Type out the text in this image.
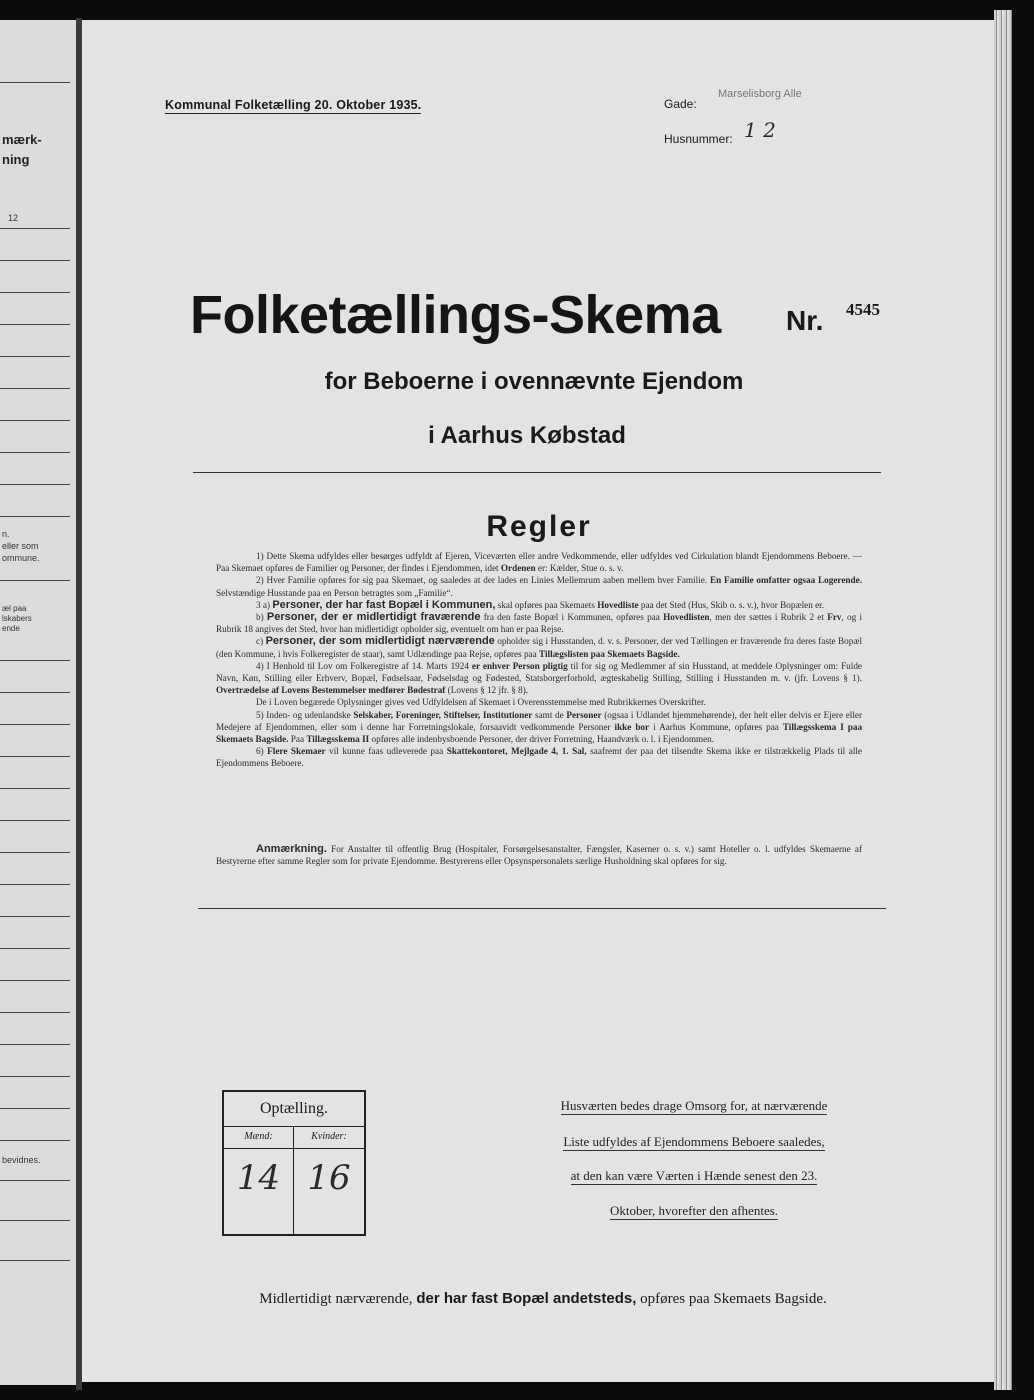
mærk-
ning
12
n.
eller som
ommune.
æl paa
lskabers
ende
bevidnes.
Kommunal Folketælling 20. Oktober 1935.	Gade:
Marselisborg Alle
Husnummer: 1 2
Folketællings-Skema Nr. 4545
for Beboerne i ovennævnte Ejendom
i Aarhus Købstad
Regler

1) Dette Skema udfyldes eller besørges udfyldt af Ejeren, Viceværten eller andre Vedkommende, eller udfyldes ved Cirkulation blandt Ejendommens Beboere. — Paa Skemaet opføres de Familier og Personer, der findes i Ejendommen, idet Ordenen er: Kælder, Stue o. s. v.

2) Hver Familie opføres for sig paa Skemaet, og saaledes at der lades en Linies Mellemrum aaben mellem hver Familie. En Familie omfatter ogsaa Logerende. Selvstændige Husstande paa en Person betragtes som „Familie“.

3 a) Personer, der har fast Bopæl i Kommunen, skal opføres paa Skemaets Hovedliste paa det Sted (Hus, Skib o. s. v.), hvor Bopælen er.

b) Personer, der er midlertidigt fraværende fra den faste Bopæl i Kommunen, opføres paa Hovedlisten, men der sættes i Rubrik 2 et Frv, og i Rubrik 18 angives det Sted, hvor han midlertidigt opholder sig, eventuelt om han er paa Rejse.

c) Personer, der som midlertidigt nærværende opholder sig i Husstanden, d. v. s. Personer, der ved Tællingen er fraværende fra deres faste Bopæl (den Kommune, i hvis Folkeregister de staar), samt Udlændinge paa Rejse, opføres paa Tillægslisten paa Skemaets Bagside.

4) I Henhold til Lov om Folkeregistre af 14. Marts 1924 er enhver Person pligtig til for sig og Medlemmer af sin Husstand, at meddele Oplysninger om: Fulde Navn, Køn, Stilling eller Erhverv, Bopæl, Fødselsaar, Fødselsdag og Fødested, Statsborgerforhold, ægteskabelig Stilling, Stilling i Husstanden m. v. (jfr. Lovens § 1). Overtrædelse af Lovens Bestemmelser medfører Bødestraf (Lovens § 12 jfr. § 8).

De i Loven begærede Oplysninger gives ved Udfyldelsen af Skemaet i Overensstemmelse med Rubrikkernes Overskrifter.

5) Inden- og udenlandske Selskaber, Foreninger, Stiftelser, Institutioner samt de Personer (ogsaa i Udlandet hjemmehørende), der helt eller delvis er Ejere eller Medejere af Ejendommen, eller som i denne har Forretningslokale, forsaavidt vedkommende Personer ikke bor i Aarhus Kommune, opføres paa Tillægsskema I paa Skemaets Bagside. Paa Tillægsskema II opføres alle indenbysboende Personer, der driver Forretning, Haandværk o. l. i Ejendommen.

6) Flere Skemaer vil kunne faas udleverede paa Skattekontoret, Mejlgade 4, 1. Sal, saafremt der paa det tilsendte Skema ikke er tilstrækkelig Plads til alle Ejendommens Beboere.

Anmærkning. For Anstalter til offentlig Brug (Hospitaler, Forsørgelsesanstalter, Fængsler, Kaserner o. s. v.) samt Hoteller o. l. udfyldes Skemaerne af Bestyrerne efter samme Regler som for private Ejendomme. Bestyrerens eller Opsynspersonalets særlige Husholdning skal opføres for sig.
Optælling.
Mænd:	Kvinder:
14 16
Husværten bedes drage Omsorg for, at nærværende
Liste udfyldes af Ejendommens Beboere saaledes,
at den kan være Værten i Hænde senest den 23.
Oktober, hvorefter den afhentes.
Midlertidigt nærværende, der har fast Bopæl andetsteds, opføres paa Skemaets Bagside.
